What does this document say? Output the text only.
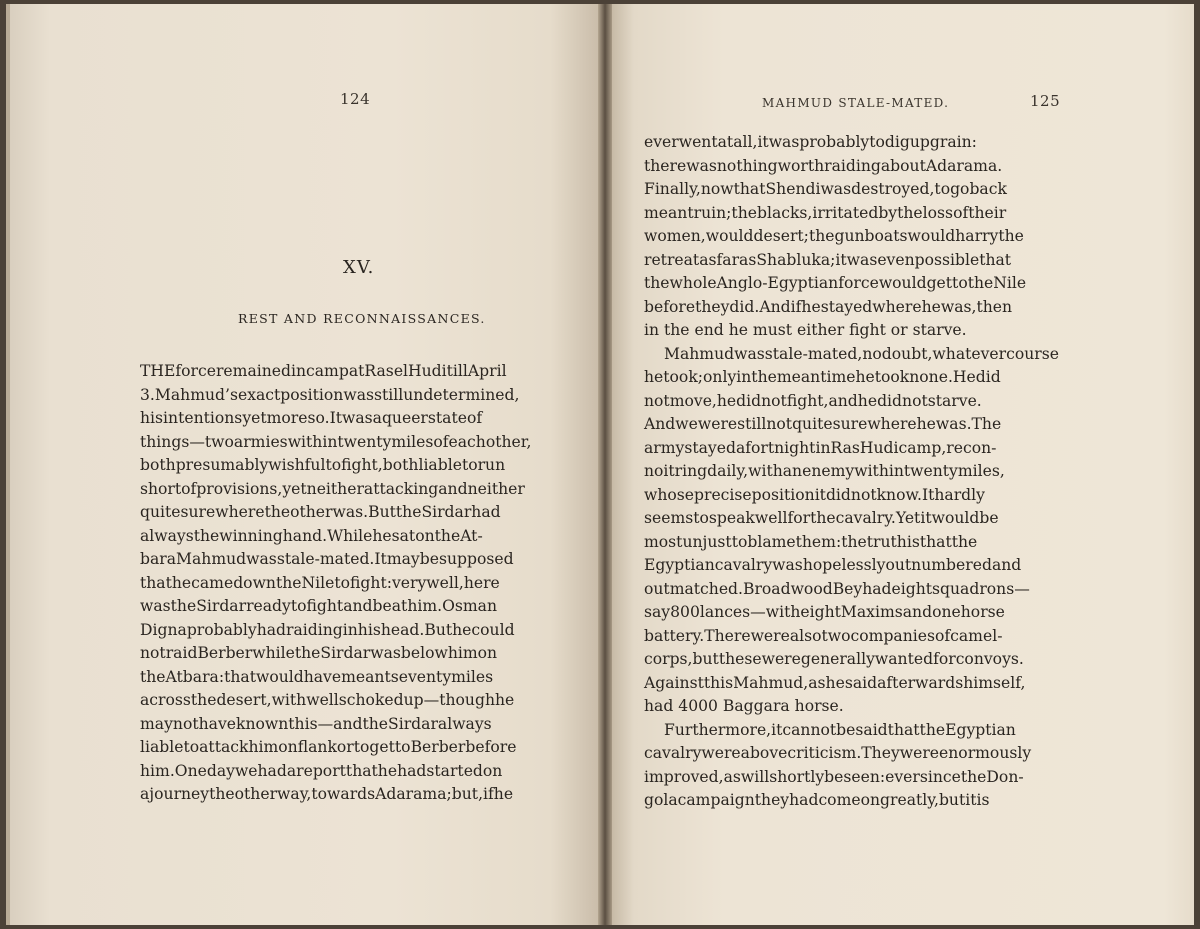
124
XV.
REST AND RECONNAISSANCES.
THEforceremainedincampatRaselHuditillApril
3.Mahmud’sexactpositionwasstillundetermined,
hisintentionsyetmoreso.Itwasaqueerstateof
things—twoarmieswithintwentymilesofeachother,
bothpresumablywishfultofight,bothliabletorun
shortofprovisions,yetneitherattackingandneither
quitesurewheretheotherwas.ButtheSirdarhad
alwaysthewinninghand.WhilehesatontheAt-
baraMahmudwasstale-mated.Itmaybesupposed
thathecamedowntheNiletofight:verywell,here
wastheSirdarreadytofightandbeathim.Osman
Dignaprobablyhadraidinginhishead.Buthecould
notraidBerberwhiletheSirdarwasbelowhimon
theAtbara:thatwouldhavemeantseventymiles
acrossthedesert,withwellschokedup—thoughhe
maynothaveknownthis—andtheSirdaralways
liabletoattackhimonflankortogettoBerberbefore
him.Onedaywehadareportthathehadstartedon
ajourneytheotherway,towardsAdarama;but,ifhe
MAHMUD STALE-MATED.	125
everwentatall,itwasprobablytodigupgrain:
therewasnothingworthraidingaboutAdarama.
Finally,nowthatShendiwasdestroyed,togoback
meantruin;theblacks,irritatedbythelossoftheir
women,woulddesert;thegunboatswouldharrythe
retreatasfarasShabluka;itwasevenpossiblethat
thewholeAnglo-EgyptianforcewouldgettotheNile
beforetheydid.Andifhestayedwherehewas,then
in the end he must either fight or starve.
Mahmudwasstale-mated,nodoubt,whatevercourse
hetook;onlyinthemeantimehetooknone.Hedid
notmove,hedidnotfight,andhedidnotstarve.
Andwewerestillnotquitesurewherehewas.The
armystayedafortnightinRasHudicamp,recon-
noitringdaily,withanenemywithintwentymiles,
whoseprecisepositionitdidnotknow.Ithardly
seemstospeakwellforthecavalry.Yetitwouldbe
mostunjusttoblamethem:thetruthisthatthe
Egyptiancavalrywashopelesslyoutnumberedand
outmatched.BroadwoodBeyhadeightsquadrons—
say800lances—witheightMaximsandonehorse
battery.Therewerealsotwocompaniesofcamel-
corps,buttheseweregenerallywantedforconvoys.
AgainstthisMahmud,ashesaidafterwardshimself,
had 4000 Baggara horse.
Furthermore,itcannotbesaidthattheEgyptian
cavalrywereabovecriticism.Theywereenormously
improved,aswillshortlybeseen:eversincetheDon-
golacampaigntheyhadcomeongreatly,butitis
